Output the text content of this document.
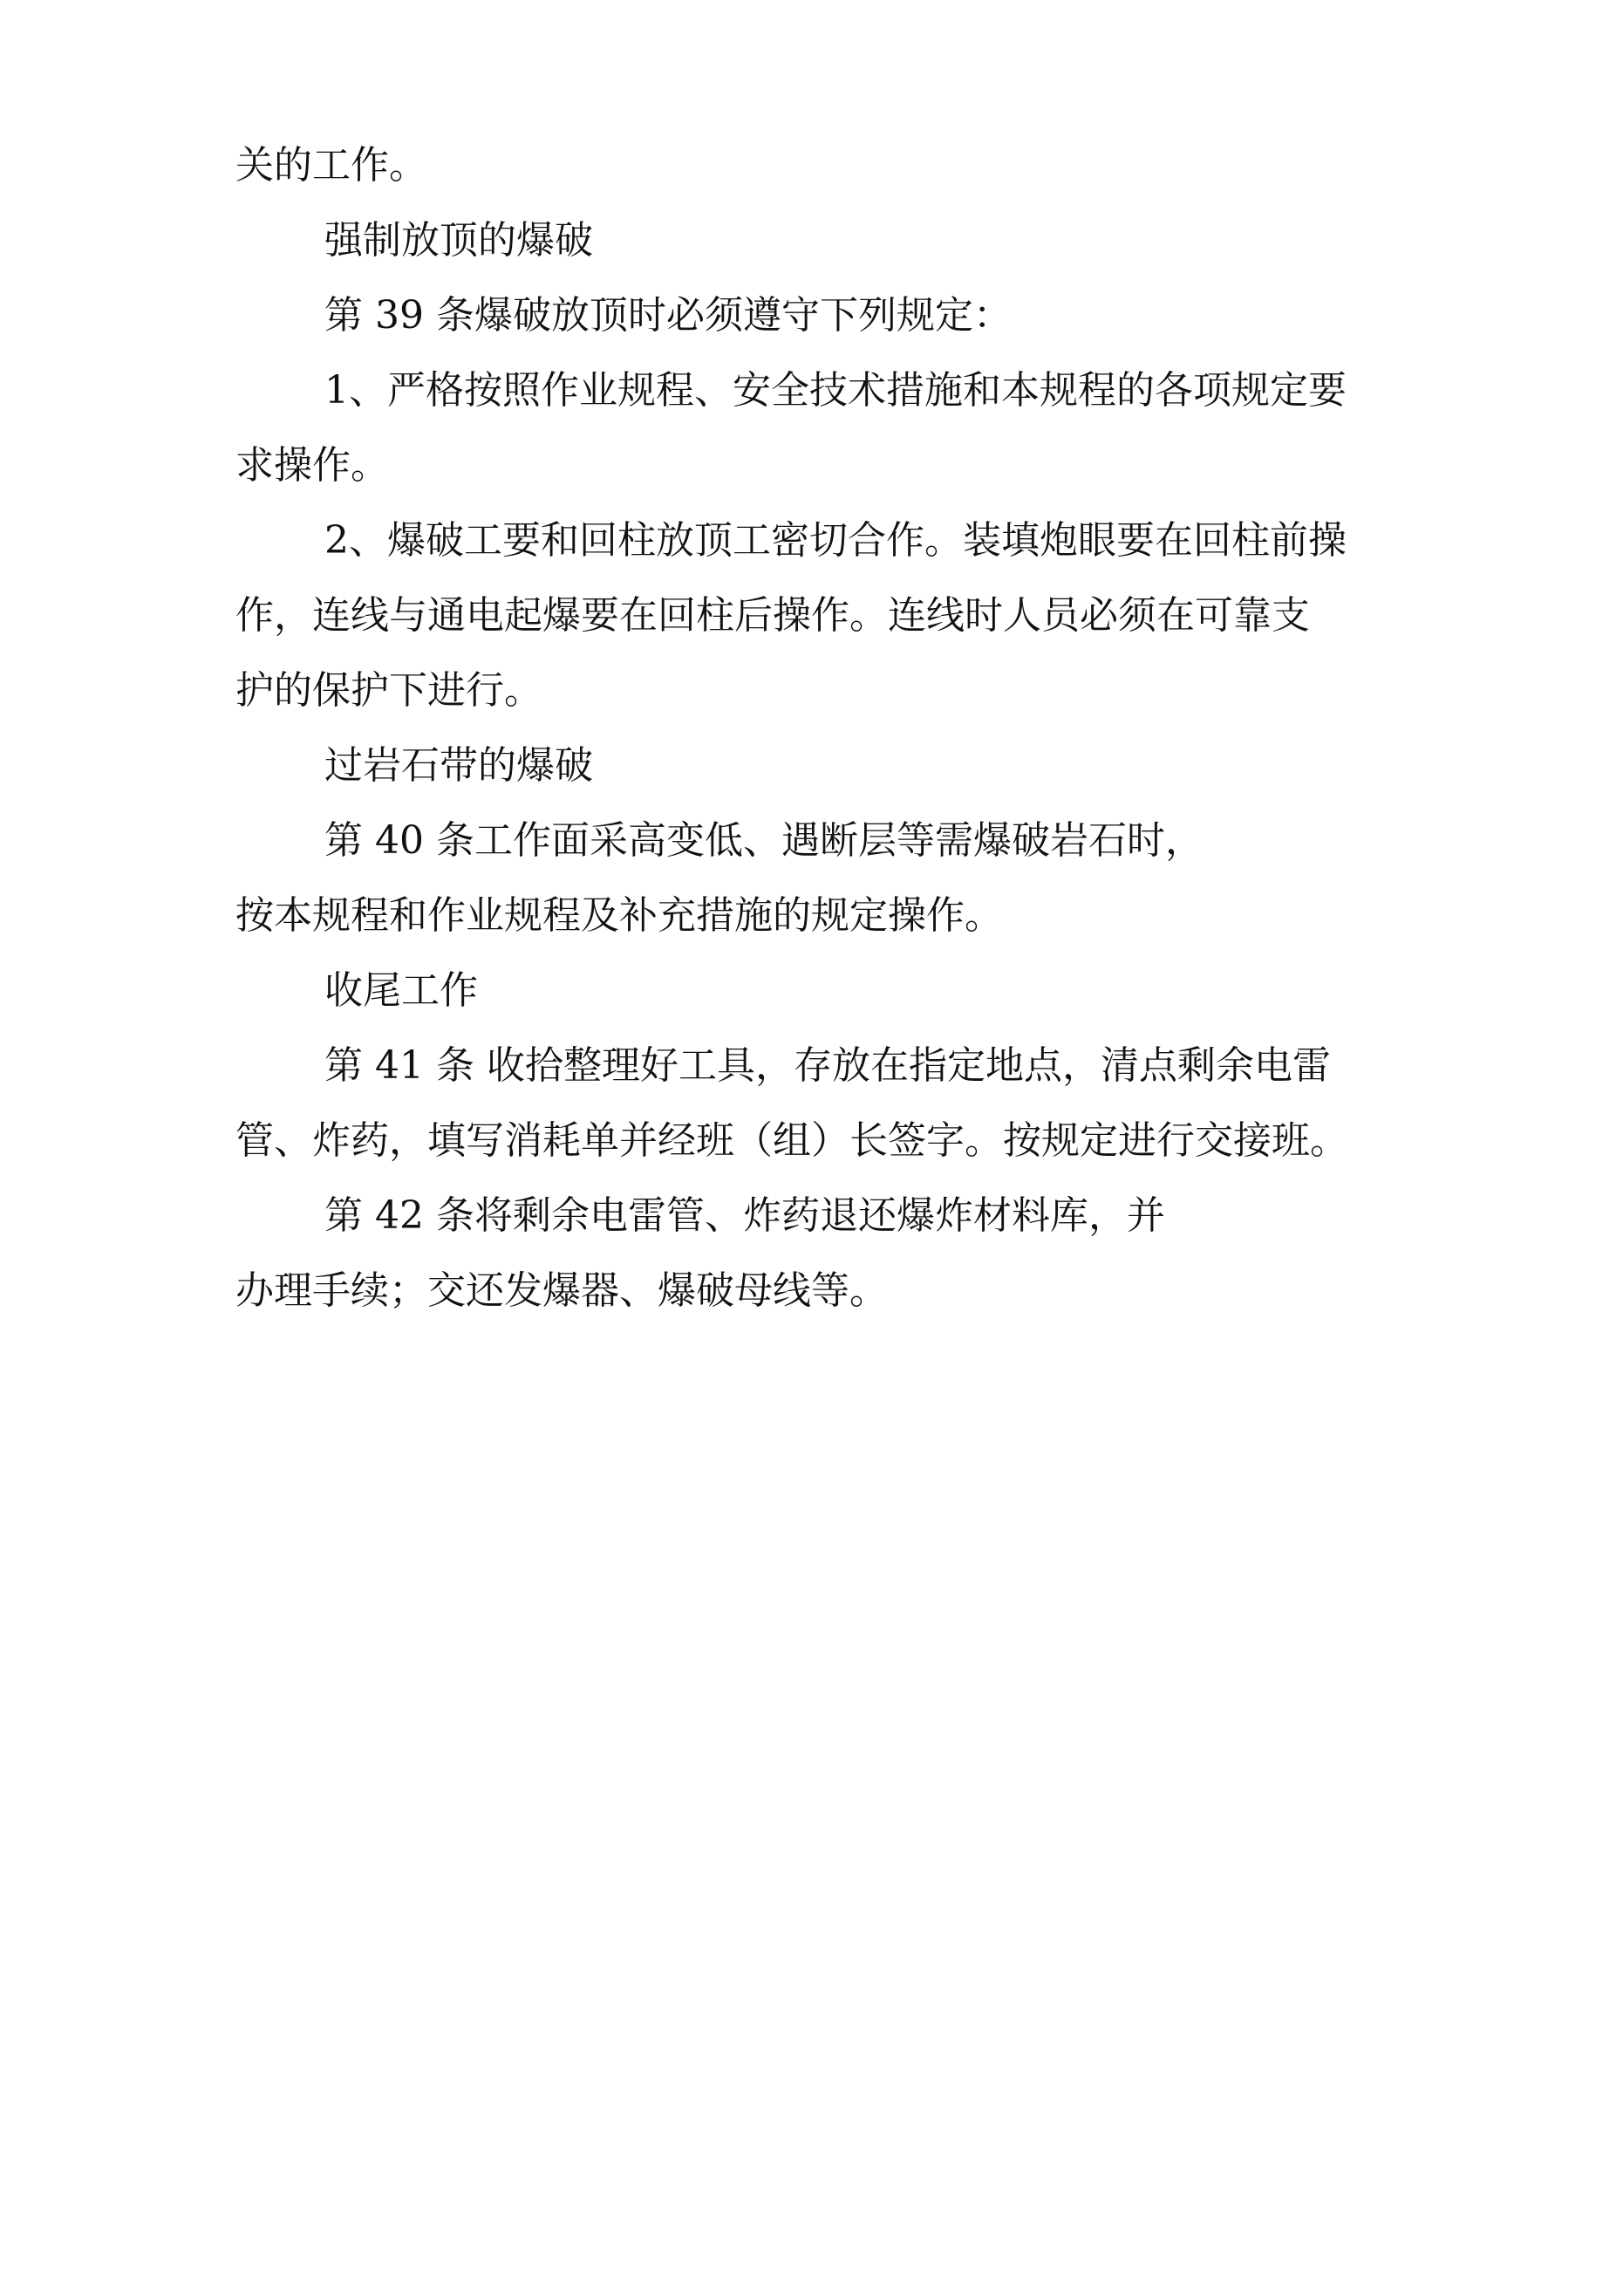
关的工作。
强制放顶的爆破
第 39 条爆破放顶时必须遵守下列规定：
1、严格按照作业规程、安全技术措施和本规程的各项规定要
求操作。
2、爆破工要和回柱放顶工密切合作。装填炮眼要在回柱前操
作，连线与通电起爆要在回柱后操作。连线时人员必须在可靠支
护的保护下进行。
过岩石带的爆破
第 40 条工作面采高变低、遇断层等需爆破岩石时，
按本规程和作业规程及补充措施的规定操作。
收尾工作
第 41 条 收拾整理好工具，存放在指定地点，清点剩余电雷
管、炸药，填写消耗单并经班（组）长签字。按规定进行交接班。
第 42 条将剩余电雷管、炸药退还爆炸材料库，并
办理手续；交还发爆器、爆破母线等。
